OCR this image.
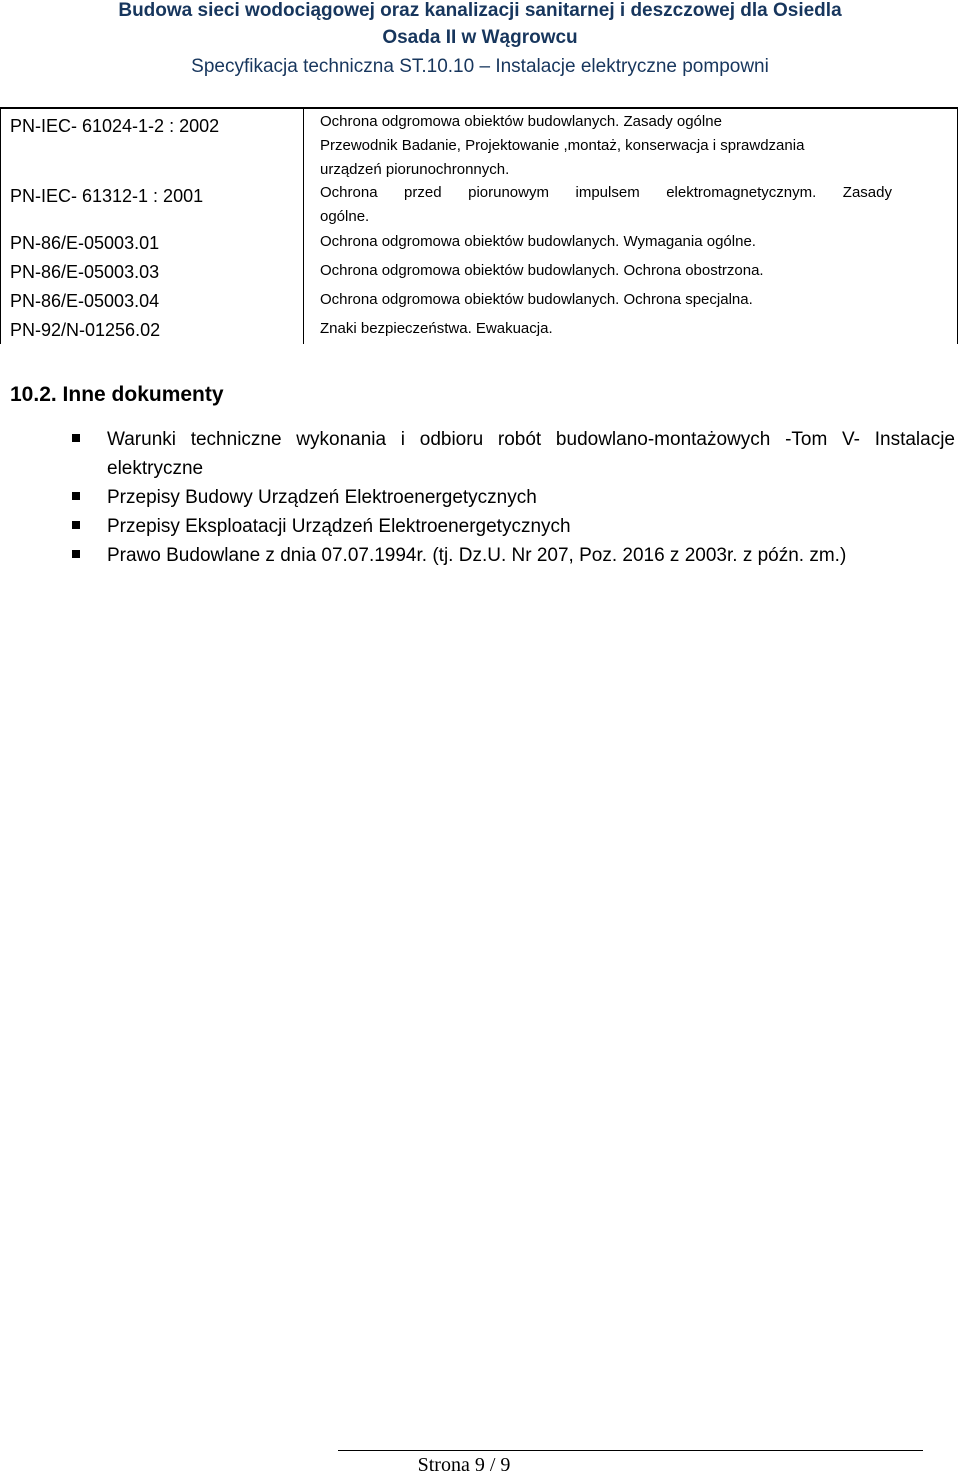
Budowa sieci wodociągowej oraz kanalizacji sanitarnej i deszczowej dla Osiedla
Osada II w Wągrowcu
Specyfikacja techniczna ST.10.10 – Instalacje elektryczne pompowni
PN-IEC- 61024-1-2 : 2002	Ochrona odgromowa obiektów budowlanych. Zasady ogólne
Przewodnik Badanie, Projektowanie ,montaż, konserwacja i sprawdzania
urządzeń piorunochronnych.
PN-IEC- 61312-1 : 2001	Ochrona przed piorunowym impulsem elektromagnetycznym. Zasady
ogólne.
PN-86/E-05003.01	Ochrona odgromowa obiektów budowlanych. Wymagania ogólne.
PN-86/E-05003.03	Ochrona odgromowa obiektów budowlanych. Ochrona obostrzona.
PN-86/E-05003.04	Ochrona odgromowa obiektów budowlanych. Ochrona specjalna.
PN-92/N-01256.02	Znaki bezpieczeństwa. Ewakuacja.
10.2. Inne dokumenty
Warunki techniczne wykonania i odbioru robót budowlano-montażowych -Tom V- Instalacje elektryczne
Przepisy Budowy Urządzeń Elektroenergetycznych
Przepisy Eksploatacji Urządzeń Elektroenergetycznych
Prawo Budowlane z dnia 07.07.1994r. (tj. Dz.U. Nr 207, Poz. 2016 z 2003r. z późn. zm.)
Strona 9 / 9
